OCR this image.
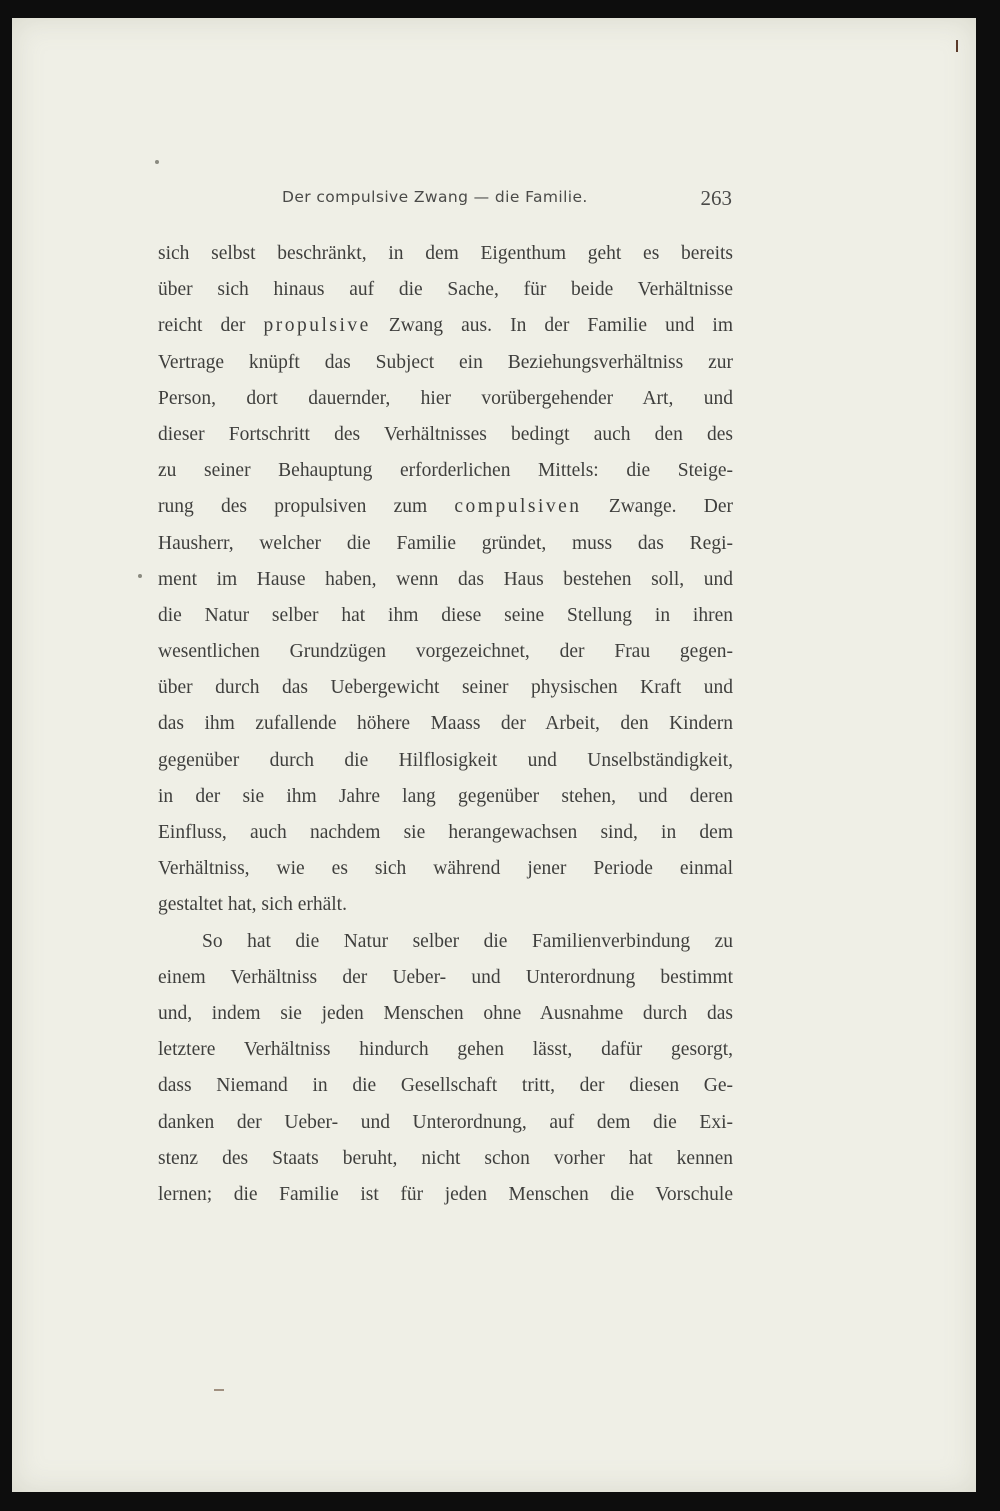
Der compulsive Zwang — die Familie.	263
sich selbst beschränkt, in dem Eigenthum geht es bereits
über sich hinaus auf die Sache, für beide Verhältnisse
reicht der propulsive Zwang aus. In der Familie und im
Vertrage knüpft das Subject ein Beziehungsverhältniss zur
Person, dort dauernder, hier vorübergehender Art, und
dieser Fortschritt des Verhältnisses bedingt auch den des
zu seiner Behauptung erforderlichen Mittels: die Steige-
rung des propulsiven zum compulsiven Zwange. Der
Hausherr, welcher die Familie gründet, muss das Regi-
ment im Hause haben, wenn das Haus bestehen soll, und
die Natur selber hat ihm diese seine Stellung in ihren
wesentlichen Grundzügen vorgezeichnet, der Frau gegen-
über durch das Uebergewicht seiner physischen Kraft und
das ihm zufallende höhere Maass der Arbeit, den Kindern
gegenüber durch die Hilflosigkeit und Unselbständigkeit,
in der sie ihm Jahre lang gegenüber stehen, und deren
Einfluss, auch nachdem sie herangewachsen sind, in dem
Verhältniss, wie es sich während jener Periode einmal
gestaltet hat, sich erhält.
So hat die Natur selber die Familienverbindung zu
einem Verhältniss der Ueber- und Unterordnung bestimmt
und, indem sie jeden Menschen ohne Ausnahme durch das
letztere Verhältniss hindurch gehen lässt, dafür gesorgt,
dass Niemand in die Gesellschaft tritt, der diesen Ge-
danken der Ueber- und Unterordnung, auf dem die Exi-
stenz des Staats beruht, nicht schon vorher hat kennen
lernen; die Familie ist für jeden Menschen die Vorschule
